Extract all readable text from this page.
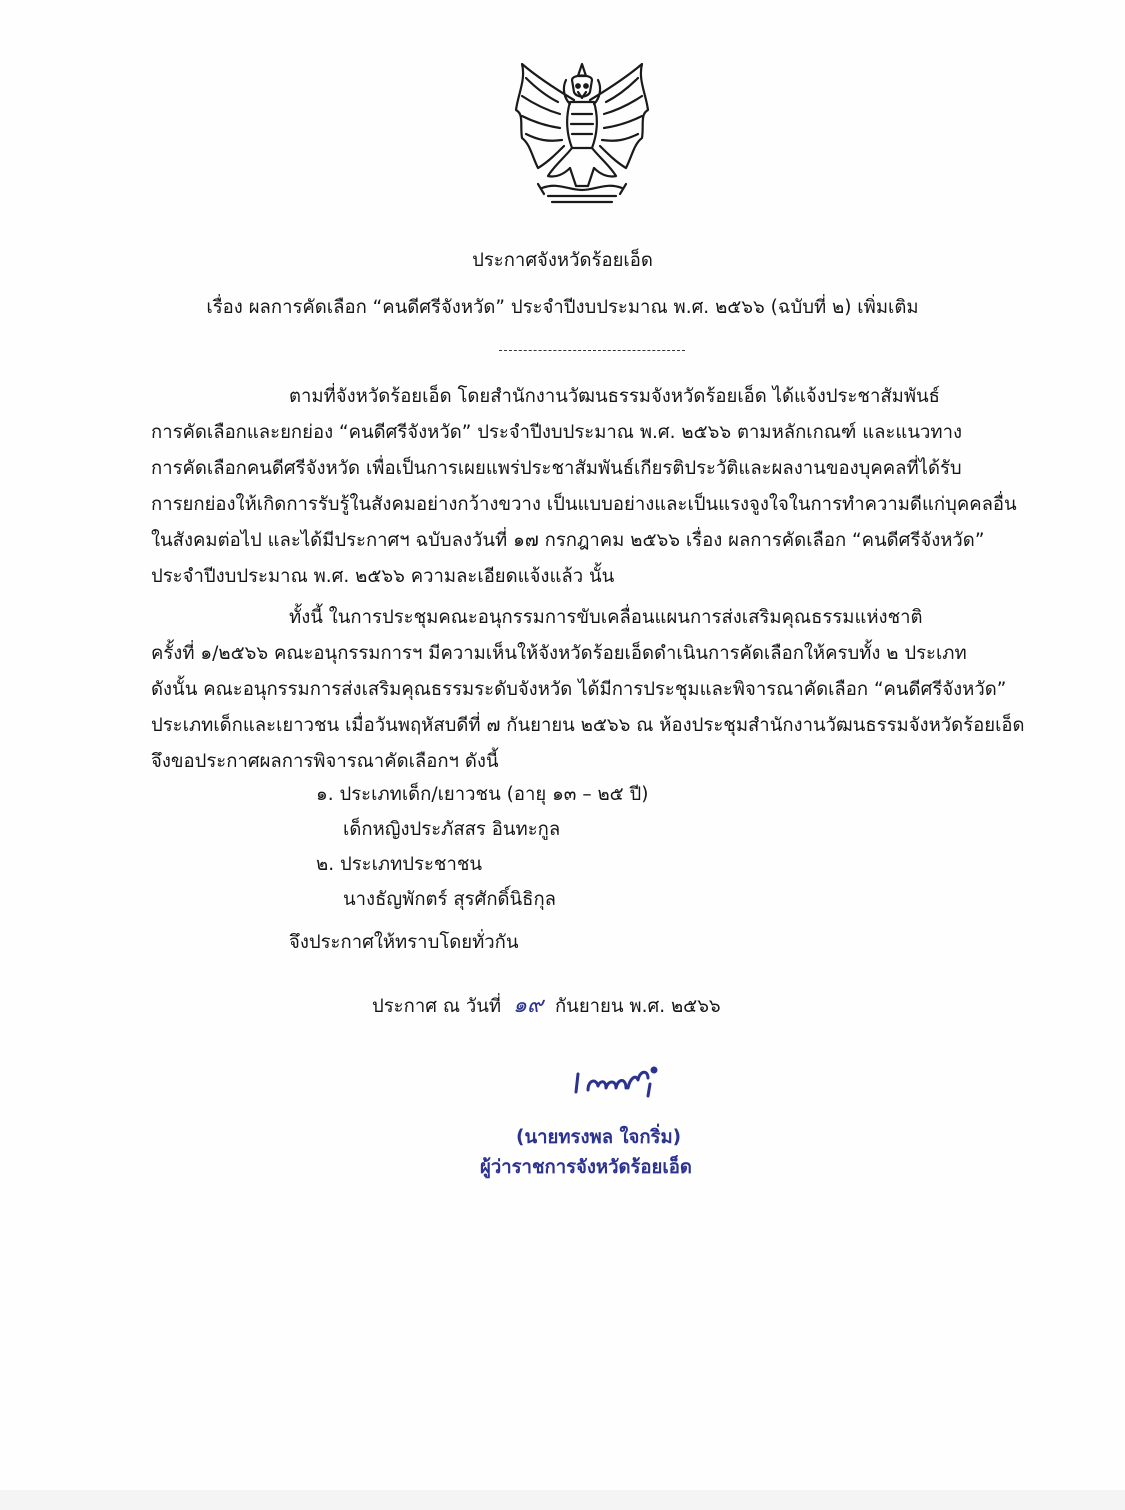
ประกาศจังหวัดร้อยเอ็ด
เรื่อง ผลการคัดเลือก “คนดีศรีจังหวัด” ประจำปีงบประมาณ พ.ศ. ๒๕๖๖ (ฉบับที่ ๒) เพิ่มเติม
ตามที่จังหวัดร้อยเอ็ด โดยสำนักงานวัฒนธรรมจังหวัดร้อยเอ็ด ได้แจ้งประชาสัมพันธ์
การคัดเลือกและยกย่อง “คนดีศรีจังหวัด” ประจำปีงบประมาณ พ.ศ. ๒๕๖๖ ตามหลักเกณฑ์ และแนวทาง
การคัดเลือกคนดีศรีจังหวัด เพื่อเป็นการเผยแพร่ประชาสัมพันธ์เกียรติประวัติและผลงานของบุคคลที่ได้รับ
การยกย่องให้เกิดการรับรู้ในสังคมอย่างกว้างขวาง เป็นแบบอย่างและเป็นแรงจูงใจในการทำความดีแก่บุคคลอื่น
ในสังคมต่อไป และได้มีประกาศฯ ฉบับลงวันที่ ๑๗ กรกฎาคม ๒๕๖๖ เรื่อง ผลการคัดเลือก “คนดีศรีจังหวัด”
ประจำปีงบประมาณ พ.ศ. ๒๕๖๖ ความละเอียดแจ้งแล้ว นั้น
ทั้งนี้ ในการประชุมคณะอนุกรรมการขับเคลื่อนแผนการส่งเสริมคุณธรรมแห่งชาติ
ครั้งที่ ๑/๒๕๖๖ คณะอนุกรรมการฯ มีความเห็นให้จังหวัดร้อยเอ็ดดำเนินการคัดเลือกให้ครบทั้ง ๒ ประเภท
ดังนั้น คณะอนุกรรมการส่งเสริมคุณธรรมระดับจังหวัด ได้มีการประชุมและพิจารณาคัดเลือก “คนดีศรีจังหวัด”
ประเภทเด็กและเยาวชน เมื่อวันพฤหัสบดีที่ ๗ กันยายน ๒๕๖๖ ณ ห้องประชุมสำนักงานวัฒนธรรมจังหวัดร้อยเอ็ด
จึงขอประกาศผลการพิจารณาคัดเลือกฯ ดังนี้
๑. ประเภทเด็ก/เยาวชน (อายุ ๑๓ – ๒๕ ปี)
เด็กหญิงประภัสสร อินทะกูล
๒. ประเภทประชาชน
นางธัญพักตร์ สุรศักดิ์นิธิกุล
จึงประกาศให้ทราบโดยทั่วกัน
ประกาศ ณ วันที่ ๑๙ กันยายน พ.ศ. ๒๕๖๖
(นายทรงพล ใจกริ่ม)
ผู้ว่าราชการจังหวัดร้อยเอ็ด
